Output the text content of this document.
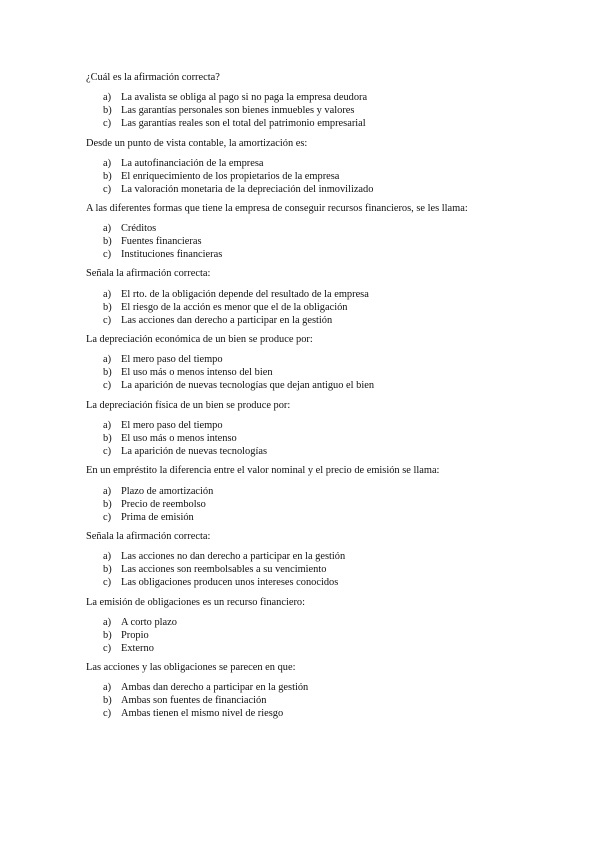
¿Cuál es la afirmación correcta?
a) La avalista se obliga al pago si no paga la empresa deudora
b) Las garantías personales son bienes inmuebles y valores
c) Las garantías reales son el total del patrimonio empresarial
Desde un punto de vista contable, la amortización es:
a) La autofinanciación de la empresa
b) El enriquecimiento de los propietarios de la empresa
c) La valoración monetaria de la depreciación del inmovilizado
A las diferentes formas que tiene la empresa de conseguir recursos financieros, se les llama:
a) Créditos
b) Fuentes financieras
c) Instituciones financieras
Señala la afirmación correcta:
a) El rto. de la obligación depende del resultado de la empresa
b) El riesgo de la acción es menor que el de la obligación
c) Las acciones dan derecho a participar en la gestión
La depreciación económica de un bien se produce por:
a) El mero paso del tiempo
b) El uso más o menos intenso del bien
c) La aparición de nuevas tecnologías que dejan antiguo el bien
La depreciación física de un bien se produce por:
a) El mero paso del tiempo
b) El uso más o menos intenso
c) La aparición de nuevas tecnologías
En un empréstito la diferencia entre el valor nominal y el precio de emisión se llama:
a) Plazo de amortización
b) Precio de reembolso
c) Prima de emisión
Señala la afirmación correcta:
a) Las acciones no dan derecho a participar en la gestión
b) Las acciones son reembolsables a su vencimiento
c) Las obligaciones producen unos intereses conocidos
La emisión de obligaciones es un recurso financiero:
a) A corto plazo
b) Propio
c) Externo
Las acciones y las obligaciones se parecen en que:
a) Ambas dan derecho a participar en la gestión
b) Ambas son fuentes de financiación
c) Ambas tienen el mismo nivel de riesgo
